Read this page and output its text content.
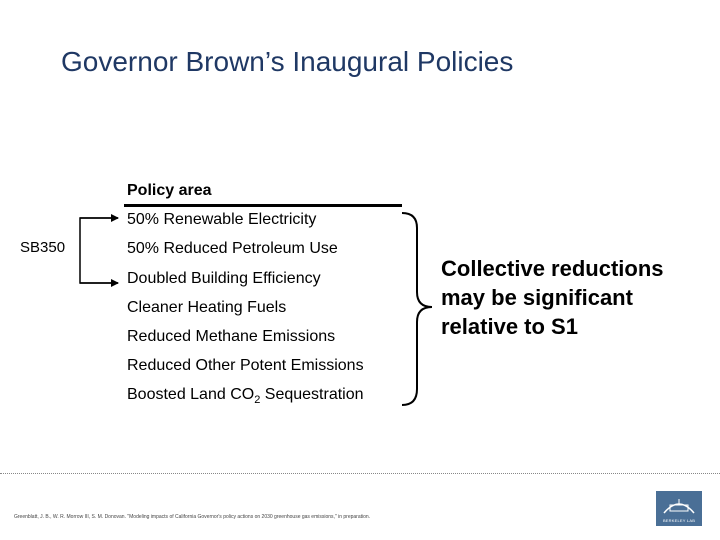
Governor Brown’s Inaugural Policies
Policy area
SB350
50% Renewable Electricity
50% Reduced Petroleum Use
Doubled Building Efficiency
Cleaner Heating Fuels
Reduced Methane Emissions
Reduced Other Potent Emissions
Boosted Land $CO_2$ Sequestration
Collective reductions may be significant relative to S1
Greenblatt, J. B., W. R. Morrow III, S. M. Donovan. "Modeling impacts of California Governor's policy actions on 2030 greenhouse gas emissions," in preparation.
BERKELEY LAB
